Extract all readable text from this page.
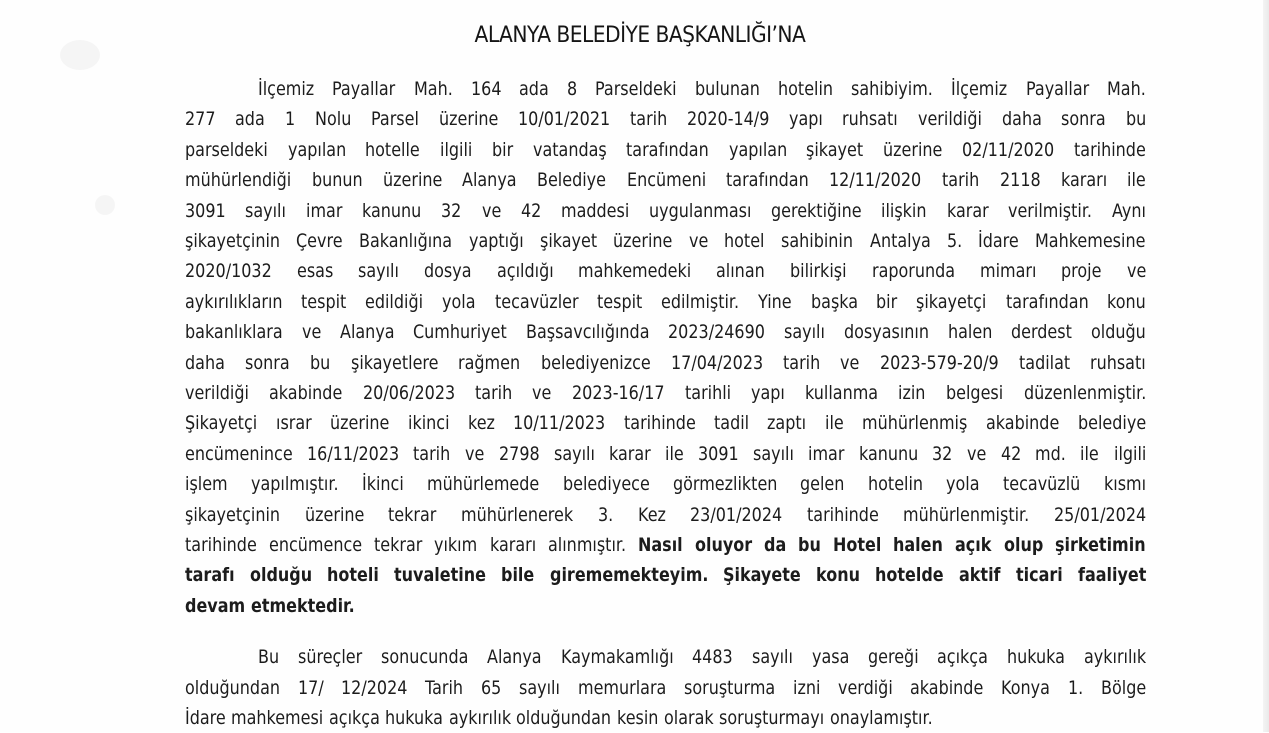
ALANYA BELEDİYE BAŞKANLIĞI’NA
İlçemiz Payallar Mah. 164 ada 8 Parseldeki bulunan hotelin sahibiyim. İlçemiz Payallar Mah.
277 ada 1 Nolu Parsel üzerine 10/01/2021 tarih 2020-14/9 yapı ruhsatı verildiği daha sonra bu
parseldeki yapılan hotelle ilgili bir vatandaş tarafından yapılan şikayet üzerine 02/11/2020 tarihinde
mühürlendiği bunun üzerine Alanya Belediye Encümeni tarafından 12/11/2020 tarih 2118 kararı ile
3091 sayılı imar kanunu 32 ve 42 maddesi uygulanması gerektiğine ilişkin karar verilmiştir. Aynı
şikayetçinin Çevre Bakanlığına yaptığı şikayet üzerine ve hotel sahibinin Antalya 5. İdare Mahkemesine
2020/1032 esas sayılı dosya açıldığı mahkemedeki alınan bilirkişi raporunda mimarı proje ve
aykırılıkların tespit edildiği yola tecavüzler tespit edilmiştir. Yine başka bir şikayetçi tarafından konu
bakanlıklara ve Alanya Cumhuriyet Başsavcılığında 2023/24690 sayılı dosyasının halen derdest olduğu
daha sonra bu şikayetlere rağmen belediyenizce 17/04/2023 tarih ve 2023-579-20/9 tadilat ruhsatı
verildiği akabinde 20/06/2023 tarih ve 2023-16/17 tarihli yapı kullanma izin belgesi düzenlenmiştir.
Şikayetçi ısrar üzerine ikinci kez 10/11/2023 tarihinde tadil zaptı ile mühürlenmiş akabinde belediye
encümenince 16/11/2023 tarih ve 2798 sayılı karar ile 3091 sayılı imar kanunu 32 ve 42 md. ile ilgili
işlem yapılmıştır. İkinci mühürlemede belediyece görmezlikten gelen hotelin yola tecavüzlü kısmı
şikayetçinin üzerine tekrar mühürlenerek 3. Kez 23/01/2024 tarihinde mühürlenmiştir. 25/01/2024
tarihinde encümence tekrar yıkım kararı alınmıştır. Nasıl oluyor da bu Hotel halen açık olup şirketimin
tarafı olduğu hoteli tuvaletine bile girememekteyim. Şikayete konu hotelde aktif ticari faaliyet
devam etmektedir.
Bu süreçler sonucunda Alanya Kaymakamlığı 4483 sayılı yasa gereği açıkça hukuka aykırılık
olduğundan 17/ 12/2024 Tarih 65 sayılı memurlara soruşturma izni verdiği akabinde Konya 1. Bölge
İdare mahkemesi açıkça hukuka aykırılık olduğundan kesin olarak soruşturmayı onaylamıştır.
